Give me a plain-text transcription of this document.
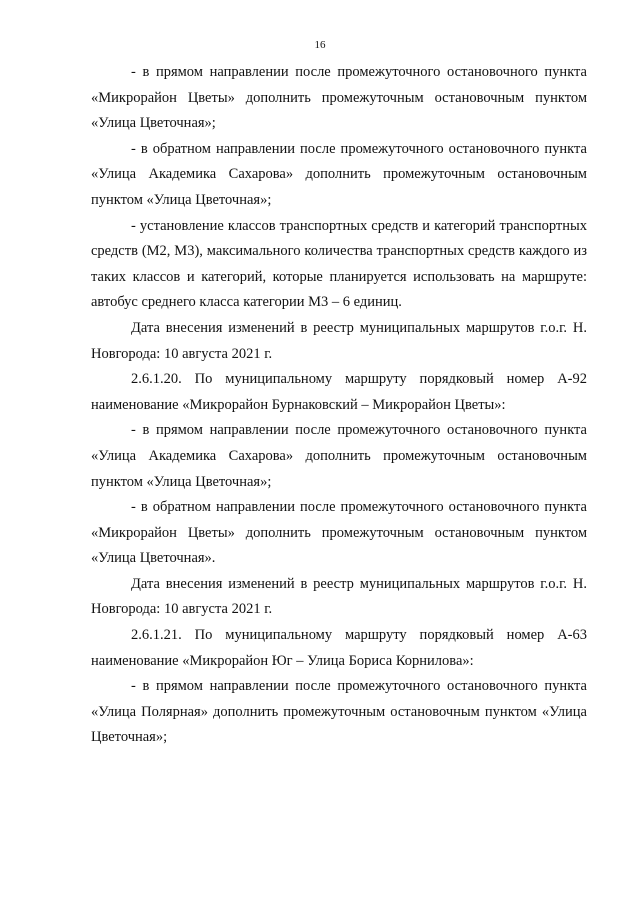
16

- в прямом направлении после промежуточного остановочного пункта «Микрорайон Цветы» дополнить промежуточным остановочным пунктом «Улица Цветочная»;

- в обратном направлении после промежуточного остановочного пункта «Улица Академика Сахарова» дополнить промежуточным остановочным пунктом «Улица Цветочная»;

- установление классов транспортных средств и категорий транспортных средств (М2, М3), максимального количества транспортных средств каждого из таких классов и категорий, которые планируется использовать на маршруте: автобус среднего класса категории М3 – 6 единиц.

Дата внесения изменений в реестр муниципальных маршрутов г.о.г. Н. Новгорода: 10 августа 2021 г.

2.6.1.20. По муниципальному маршруту порядковый номер А-92 наименование «Микрорайон Бурнаковский – Микрорайон Цветы»:

- в прямом направлении после промежуточного остановочного пункта «Улица Академика Сахарова» дополнить промежуточным остановочным пунктом «Улица Цветочная»;

- в обратном направлении после промежуточного остановочного пункта «Микрорайон Цветы» дополнить промежуточным остановочным пунктом «Улица Цветочная».

Дата внесения изменений в реестр муниципальных маршрутов г.о.г. Н. Новгорода: 10 августа 2021 г.

2.6.1.21. По муниципальному маршруту порядковый номер А-63 наименование «Микрорайон Юг – Улица Бориса Корнилова»:

- в прямом направлении после промежуточного остановочного пункта «Улица Полярная» дополнить промежуточным остановочным пунктом «Улица Цветочная»;
